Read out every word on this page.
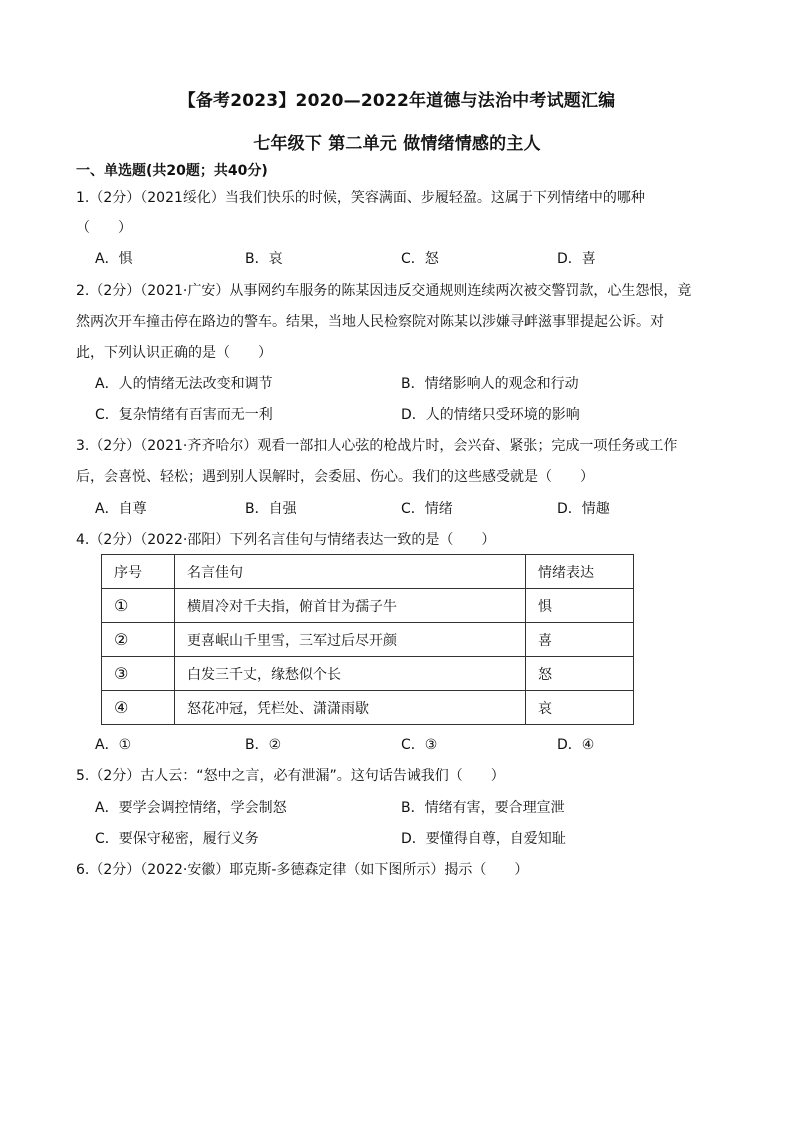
【备考2023】2020—2022年道德与法治中考试题汇编
七年级下 第二单元 做情绪情感的主人
一、单选题(共20题；共40分)
1.（2分）（2021绥化）当我们快乐的时候，笑容满面、步履轻盈。这属于下列情绪中的哪种
（　　）
A．惧	B．哀	C．怒	D．喜
2.（2分）（2021·广安）从事网约车服务的陈某因违反交通规则连续两次被交警罚款，心生怨恨，竟
然两次开车撞击停在路边的警车。结果，当地人民检察院对陈某以涉嫌寻衅滋事罪提起公诉。对
此，下列认识正确的是（　　）
A．人的情绪无法改变和调节	B．情绪影响人的观念和行动
C．复杂情绪有百害而无一利	D．人的情绪只受环境的影响
3.（2分）（2021·齐齐哈尔）观看一部扣人心弦的枪战片时，会兴奋、紧张；完成一项任务或工作
后，会喜悦、轻松；遇到别人误解时，会委屈、伤心。我们的这些感受就是（　　）
A．自尊	B．自强	C．情绪	D．情趣
4.（2分）（2022·邵阳）下列名言佳句与情绪表达一致的是（　　）
序号	名言佳句	情绪表达
①	横眉冷对千夫指，俯首甘为孺子牛	惧
②	更喜岷山千里雪，三军过后尽开颜	喜
③	白发三千丈，缘愁似个长	怒
④	怒花冲冠，凭栏处、潇潇雨歇	哀
A．①	B．②	C．③	D．④
5.（2分）古人云：“怒中之言，必有泄漏”。这句话告诫我们（　　）
A．要学会调控情绪，学会制怒	B．情绪有害，要合理宣泄
C．要保守秘密，履行义务	D．要懂得自尊，自爱知耻
6.（2分）（2022·安徽）耶克斯-多德森定律（如下图所示）揭示（　　）
